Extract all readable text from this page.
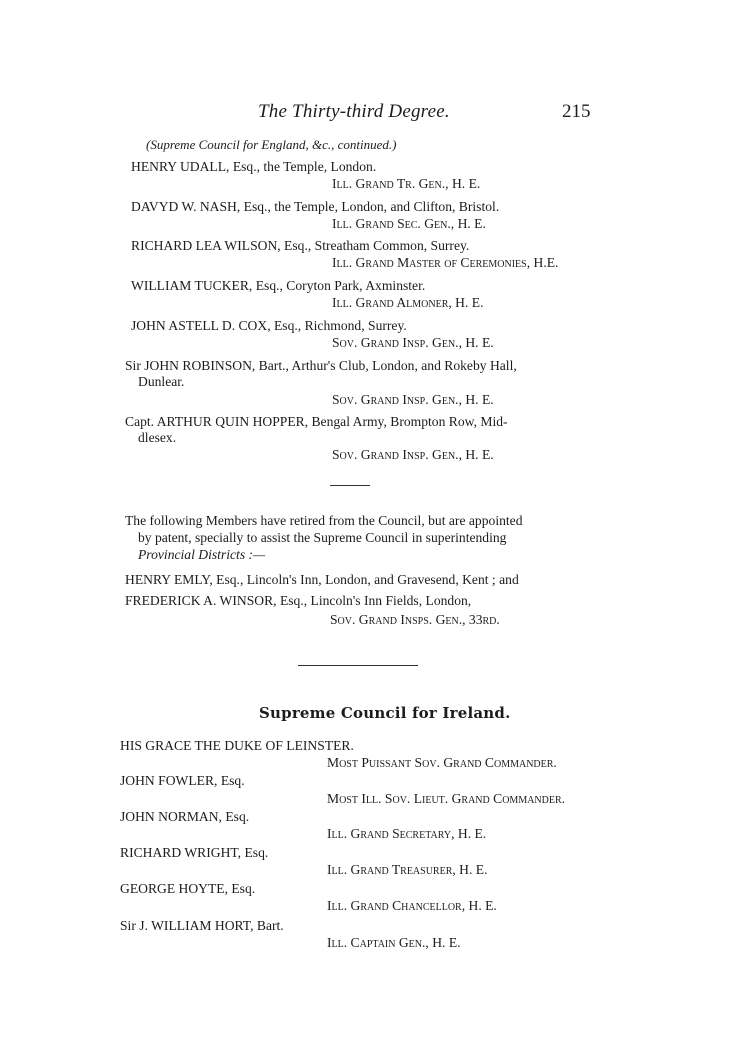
The Thirty-third Degree.	215
(Supreme Council for England, &c., continued.)
HENRY UDALL, Esq., the Temple, London.
Ill. Grand Tr. Gen., H. E.
DAVYD W. NASH, Esq., the Temple, London, and Clifton, Bristol.
Ill. Grand Sec. Gen., H. E.
RICHARD LEA WILSON, Esq., Streatham Common, Surrey.
Ill. Grand Master of Ceremonies, H.E.
WILLIAM TUCKER, Esq., Coryton Park, Axminster.
Ill. Grand Almoner, H. E.
JOHN ASTELL D. COX, Esq., Richmond, Surrey.
Sov. Grand Insp. Gen., H. E.
Sir JOHN ROBINSON, Bart., Arthur's Club, London, and Rokeby Hall,
Dunlear.
Sov. Grand Insp. Gen., H. E.
Capt. ARTHUR QUIN HOPPER, Bengal Army, Brompton Row, Mid-
dlesex.
Sov. Grand Insp. Gen., H. E.
The following Members have retired from the Council, but are appointed
by patent, specially to assist the Supreme Council in superintending
Provincial Districts :—
HENRY EMLY, Esq., Lincoln's Inn, London, and Gravesend, Kent ; and
FREDERICK A. WINSOR, Esq., Lincoln's Inn Fields, London,
Sov. Grand Insps. Gen., 33rd.
Supreme Council for Ireland.
HIS GRACE THE DUKE OF LEINSTER.
Most Puissant Sov. Grand Commander.
JOHN FOWLER, Esq.
Most Ill. Sov. Lieut. Grand Commander.
JOHN NORMAN, Esq.
Ill. Grand Secretary, H. E.
RICHARD WRIGHT, Esq.
Ill. Grand Treasurer, H. E.
GEORGE HOYTE, Esq.
Ill. Grand Chancellor, H. E.
Sir J. WILLIAM HORT, Bart.
Ill. Captain Gen., H. E.
